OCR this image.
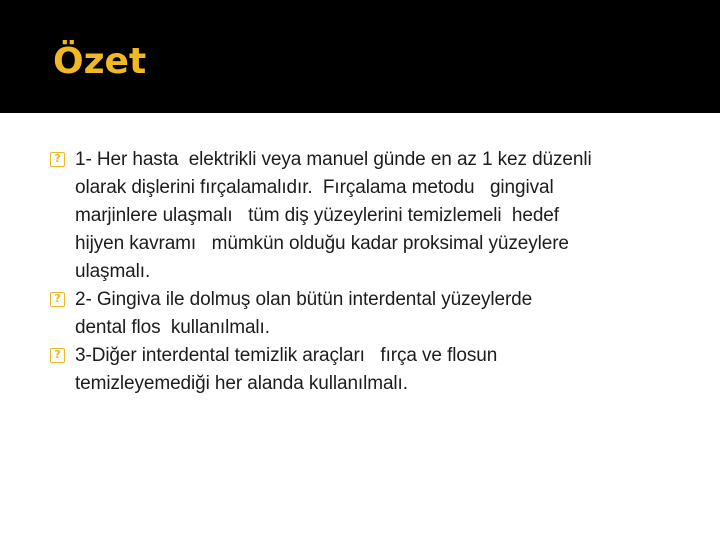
Özet
? 1- Her hasta  elektrikli veya manuel günde en az 1 kez düzenli
olarak dişlerini fırçalamalıdır.  Fırçalama metodu   gingival
marjinlere ulaşmalı   tüm diş yüzeylerini temizlemeli  hedef
hijyen kavramı   mümkün olduğu kadar proksimal yüzeylere
ulaşmalı.
? 2- Gingiva ile dolmuş olan bütün interdental yüzeylerde
dental flos  kullanılmalı.
? 3-Diğer interdental temizlik araçları   fırça ve flosun
temizleyemediği her alanda kullanılmalı.
